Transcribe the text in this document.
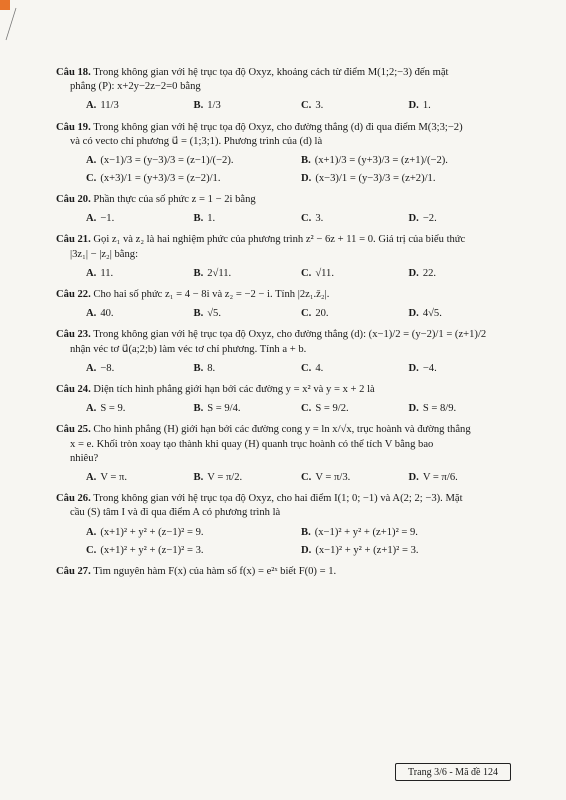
Câu 18. Trong không gian với hệ trục tọa độ Oxyz, khoảng cách từ điểm M(1;2;−3) đến mặt

phẳng (P): x+2y−2z−2=0 bằng
A. 11/3	B. 1/3	C. 3.	D. 1.

Câu 19. Trong không gian với hệ trục tọa độ Oxyz, cho đường thẳng (d) đi qua điểm M(3;3;−2)

và có vecto chỉ phương u⃗ = (1;3;1). Phương trình của (d) là
A. (x−1)/3 = (y−3)/3 = (z−1)/(−2).	B. (x+1)/3 = (y+3)/3 = (z+1)/(−2).
C. (x+3)/1 = (y+3)/3 = (z−2)/1.	D. (x−3)/1 = (y−3)/3 = (z+2)/1.

Câu 20. Phần thực của số phức z = 1 − 2i bằng

A. −1.	B. 1.	C. 3.	D. −2.

Câu 21. Gọi z₁ và z₂ là hai nghiệm phức của phương trình z² − 6z + 11 = 0. Giá trị của biểu thức

|3z₁| − |z₂| bằng:
A. 11.	B. 2√11.	C. √11.	D. 22.

Câu 22. Cho hai số phức z₁ = 4 − 8i và z₂ = −2 − i. Tính |2z₁.z̄₂|.

A. 40.	B. √5.	C. 20.	D. 4√5.

Câu 23. Trong không gian với hệ trục tọa độ Oxyz, cho đường thẳng (d): (x−1)/2 = (y−2)/1 = (z+1)/2

nhận véc tơ u⃗(a;2;b) làm véc tơ chỉ phương. Tính a + b.
A. −8.	B. 8.	C. 4.	D. −4.

Câu 24. Diện tích hình phẳng giới hạn bởi các đường y = x² và y = x + 2 là

A. S = 9.	B. S = 9/4.	C. S = 9/2.	D. S = 8/9.

Câu 25. Cho hình phẳng (H) giới hạn bởi các đường cong y = ln x/√x, trục hoành và đường thẳng

x = e. Khối tròn xoay tạo thành khi quay (H) quanh trục hoành có thể tích V bằng bao
nhiêu?
A. V = π.	B. V = π/2.	C. V = π/3.	D. V = π/6.

Câu 26. Trong không gian với hệ trục tọa độ Oxyz, cho hai điểm I(1; 0; −1) và A(2; 2; −3). Mặt

cầu (S) tâm I và đi qua điểm A có phương trình là
A. (x+1)² + y² + (z−1)² = 9.	B. (x−1)² + y² + (z+1)² = 9.
C. (x+1)² + y² + (z−1)² = 3.	D. (x−1)² + y² + (z+1)² = 3.

Câu 27. Tìm nguyên hàm F(x) của hàm số f(x) = e²ˣ biết F(0) = 1.

Trang 3/6 - Mã đề 124
